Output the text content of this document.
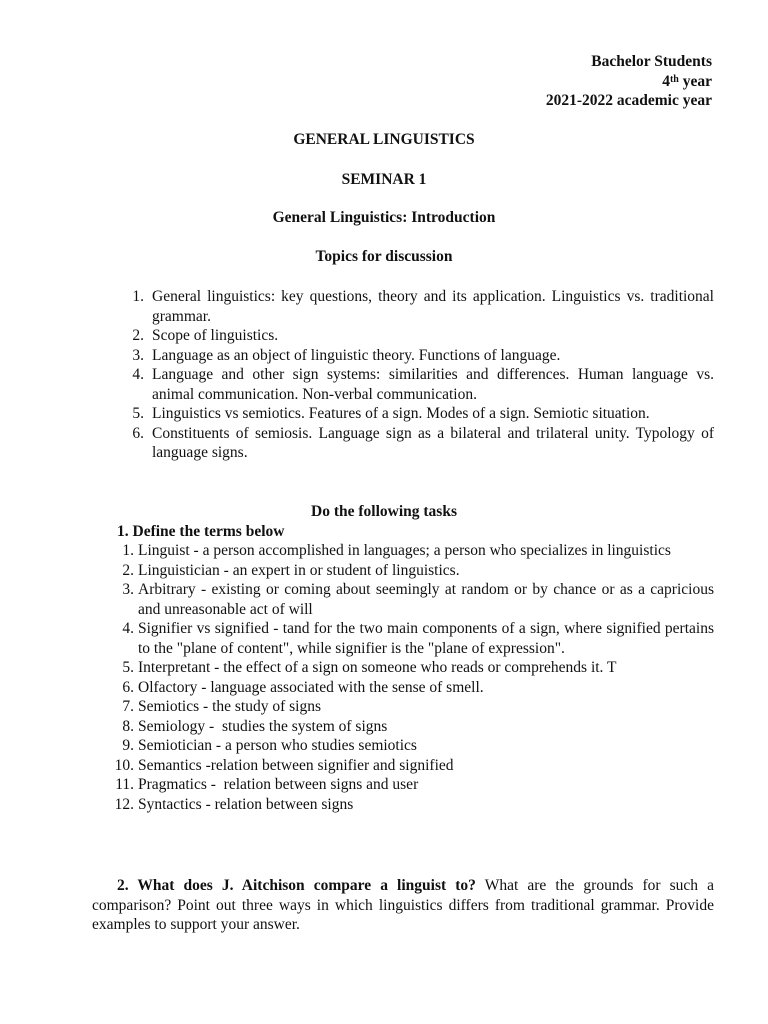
Bachelor Students
4th year
2021-2022 academic year
GENERAL LINGUISTICS
SEMINAR 1
General Linguistics: Introduction
Topics for discussion
1. General linguistics: key questions, theory and its application. Linguistics vs. traditional grammar.
2. Scope of linguistics.
3. Language as an object of linguistic theory. Functions of language.
4. Language and other sign systems: similarities and differences. Human language vs. animal communication. Non-verbal communication.
5. Linguistics vs semiotics. Features of a sign. Modes of a sign. Semiotic situation.
6. Constituents of semiosis. Language sign as a bilateral and trilateral unity. Typology of language signs.
Do the following tasks
1. Define the terms below
1. Linguist - a person accomplished in languages; a person who specializes in linguistics
2. Linguistician - an expert in or student of linguistics.
3. Arbitrary - existing or coming about seemingly at random or by chance or as a capricious and unreasonable act of will
4. Signifier vs signified - tand for the two main components of a sign, where signified pertains to the "plane of content", while signifier is the "plane of expression".
5. Interpretant - the effect of a sign on someone who reads or comprehends it. T
6. Olfactory - language associated with the sense of smell.
7. Semiotics - the study of signs
8. Semiology -  studies the system of signs
9. Semiotician - a person who studies semiotics
10. Semantics -relation between signifier and signified
11. Pragmatics -  relation between signs and user
12. Syntactics - relation between signs
2. What does J. Aitchison compare a linguist to? What are the grounds for such a comparison? Point out three ways in which linguistics differs from traditional grammar. Provide examples to support your answer.
